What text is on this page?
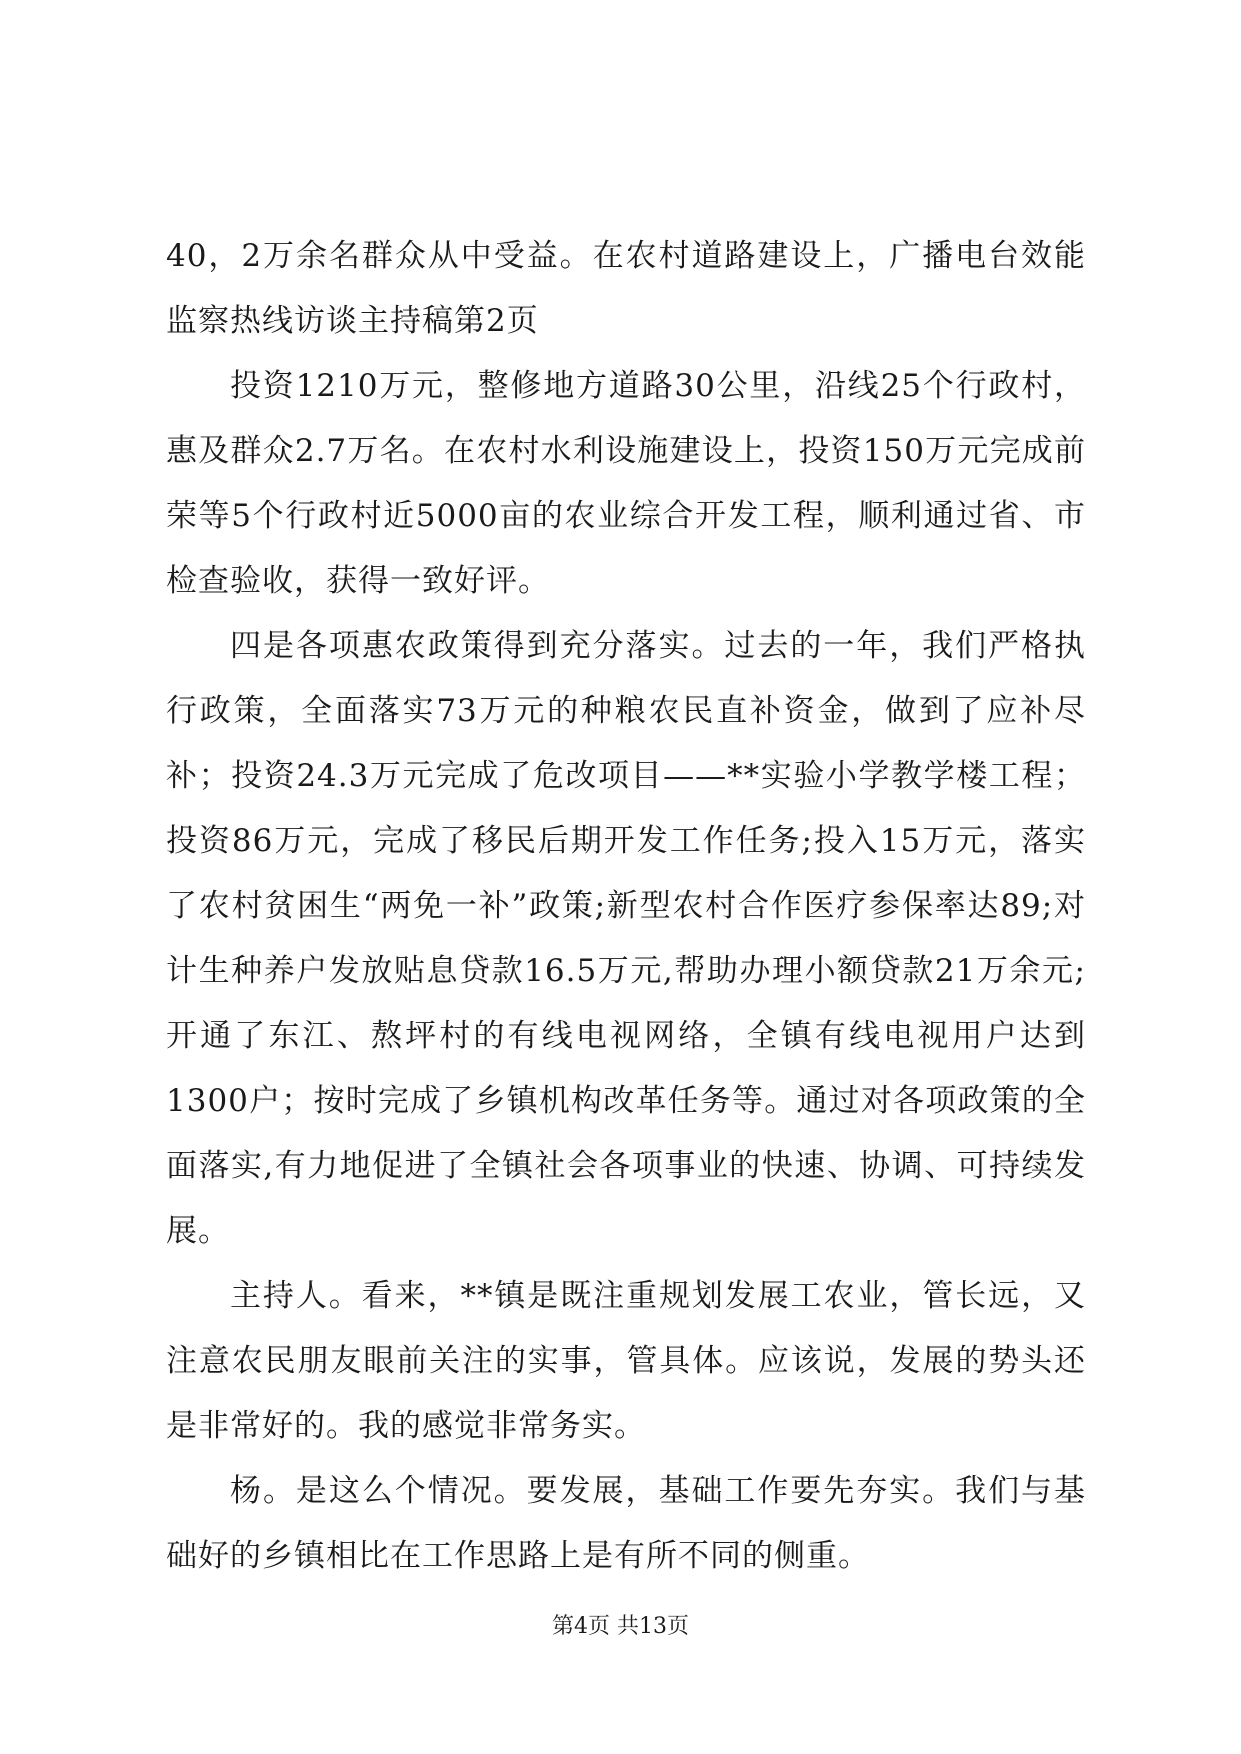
40，2万余名群众从中受益。在农村道路建设上，广播电台效能监察热线访谈主持稿第2页

投资1210万元，整修地方道路30公里，沿线25个行政村，惠及群众2.7万名。在农村水利设施建设上，投资150万元完成前荣等5个行政村近5000亩的农业综合开发工程，顺利通过省、市检查验收，获得一致好评。

四是各项惠农政策得到充分落实。过去的一年，我们严格执行政策，全面落实73万元的种粮农民直补资金，做到了应补尽补；投资24.3万元完成了危改项目——**实验小学教学楼工程；投资86万元，完成了移民后期开发工作任务;投入15万元，落实了农村贫困生“两免一补”政策;新型农村合作医疗参保率达89;对计生种养户发放贴息贷款16.5万元,帮助办理小额贷款21万余元;开通了东江、熬坪村的有线电视网络，全镇有线电视用户达到1300户；按时完成了乡镇机构改革任务等。通过对各项政策的全面落实,有力地促进了全镇社会各项事业的快速、协调、可持续发展。

主持人。看来，**镇是既注重规划发展工农业，管长远，又注意农民朋友眼前关注的实事，管具体。应该说，发展的势头还是非常好的。我的感觉非常务实。

杨。是这么个情况。要发展，基础工作要先夯实。我们与基础好的乡镇相比在工作思路上是有所不同的侧重。

第4页 共13页
